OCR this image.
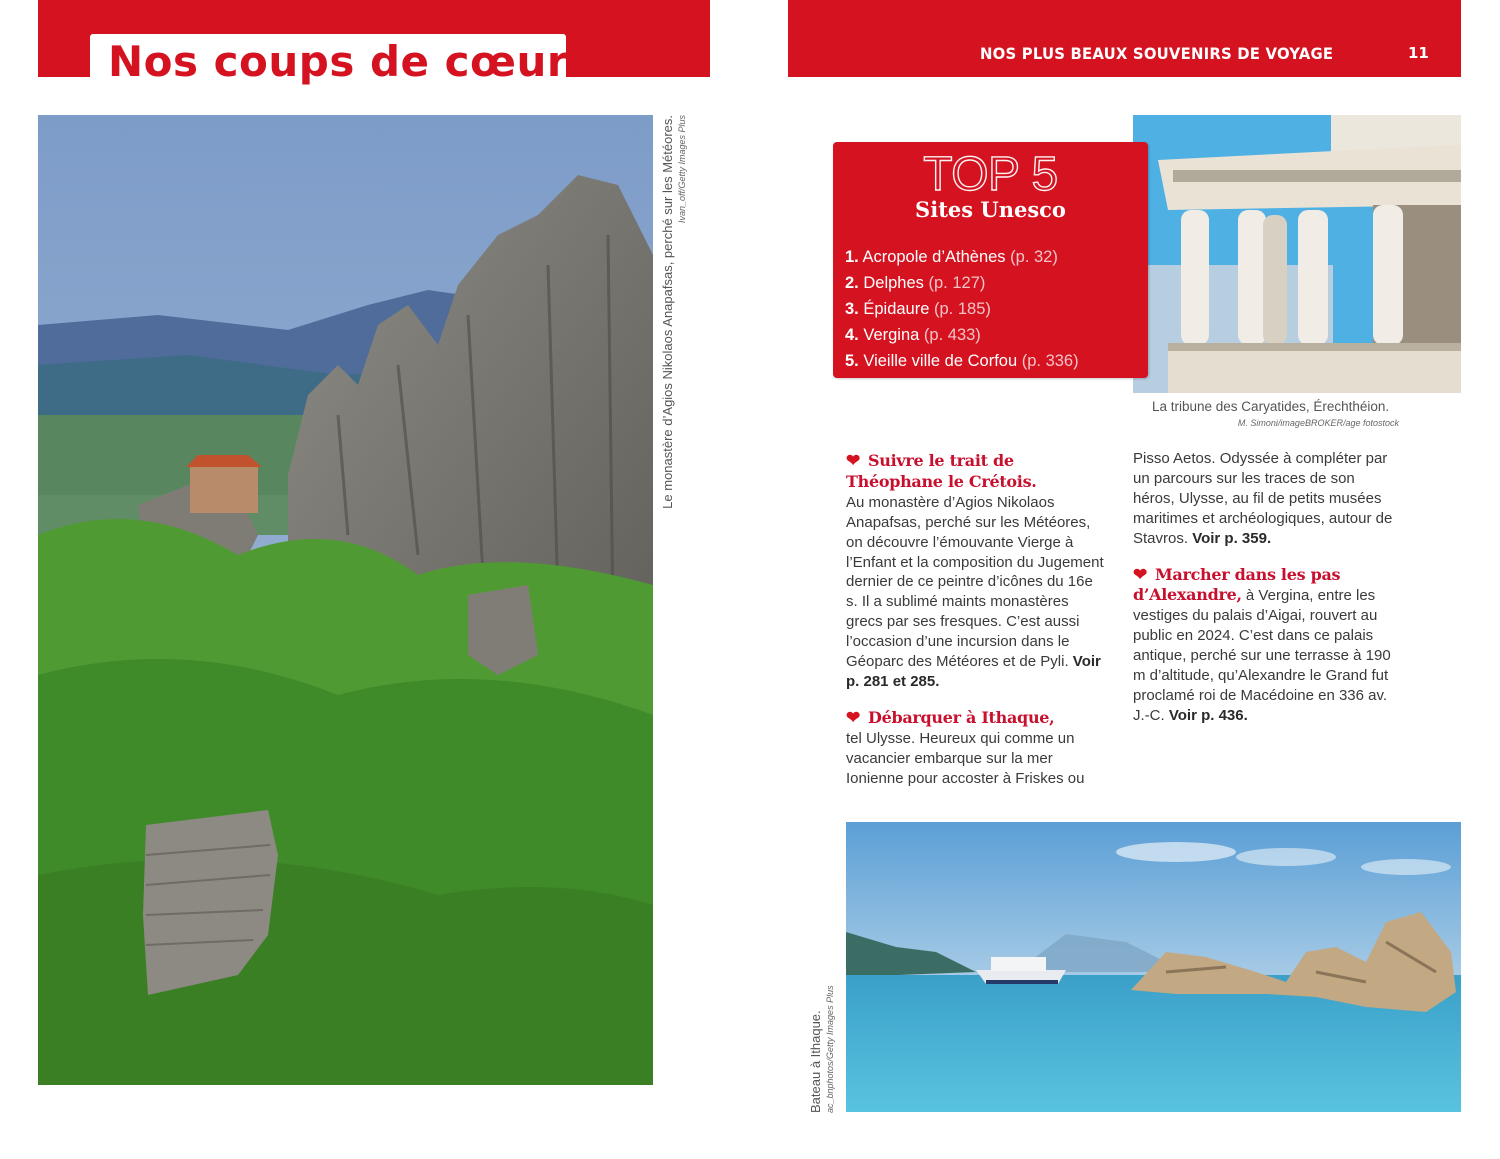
Nos coups de cœur
Le monastère d’Agios Nikolaos Anapafsas, perché sur les Météores. Ivan_off/Getty Images Plus
NOS PLUS BEAUX SOUVENIRS DE VOYAGE	11
TOP 5
Sites Unesco
1. Acropole d’Athènes (p. 32)
2. Delphes (p. 127)
3. Épidaure (p. 185)
4. Vergina (p. 433)
5. Vieille ville de Corfou (p. 336)
La tribune des Caryatides, Érechthéion.
M. Simoni/imageBROKER/age fotostock

❤ Suivre le trait de Théophane le Crétois.
Au monastère d’Agios Nikolaos Anapafsas, perché sur les Météores, on découvre l’émouvante Vierge à l’Enfant et la composition du Jugement dernier de ce peintre d’icônes du 16e s. Il a sublimé maints monastères grecs par ses fresques. C’est aussi l’occasion d’une incursion dans le Géoparc des Météores et de Pyli. Voir p. 281 et 285.

❤ Débarquer à Ithaque,
tel Ulysse. Heureux qui comme un vacancier embarque sur la mer Ionienne pour accoster à Friskes ou

Pisso Aetos. Odyssée à compléter par un parcours sur les traces de son héros, Ulysse, au fil de petits musées maritimes et archéologiques, autour de Stavros. Voir p. 359.

❤ Marcher dans les pas d’Alexandre, à Vergina, entre les vestiges du palais d’Aigai, rouvert au public en 2024. C’est dans ce palais antique, perché sur une terrasse à 190 m d’altitude, qu’Alexandre le Grand fut proclamé roi de Macédoine en 336 av. J.-C. Voir p. 436.

Bateau à Ithaque. ac_bnphotos/Getty Images Plus
